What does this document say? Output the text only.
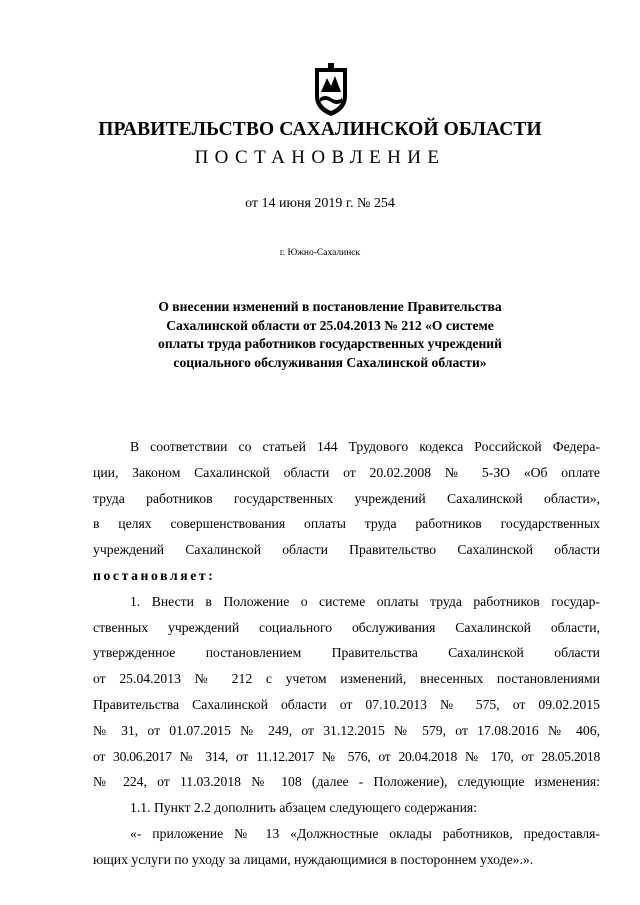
ПРАВИТЕЛЬСТВО САХАЛИНСКОЙ ОБЛАСТИ
ПОСТАНОВЛЕНИЕ
от 14 июня 2019 г. № 254
г. Южно-Сахалинск
О внесении изменений в постановление Правительства
Сахалинской области от 25.04.2013 № 212 «О системе
оплаты труда работников государственных учреждений
социального обслуживания Сахалинской области»
В соответствии со статьей 144 Трудового кодекса Российской Федера-
ции, Законом Сахалинской области от 20.02.2008 № 5-ЗО «Об оплате
труда работников государственных учреждений Сахалинской области»,
в целях совершенствования оплаты труда работников государственных
учреждений Сахалинской области Правительство Сахалинской области
постановляет:
1. Внести в Положение о системе оплаты труда работников государ-
ственных учреждений социального обслуживания Сахалинской области,
утвержденное постановлением Правительства Сахалинской области
от 25.04.2013 № 212 с учетом изменений, внесенных постановлениями
Правительства Сахалинской области от 07.10.2013 № 575, от 09.02.2015
№ 31, от 01.07.2015 № 249, от 31.12.2015 № 579, от 17.08.2016 № 406,
от 30.06.2017 № 314, от 11.12.2017 № 576, от 20.04.2018 № 170, от 28.05.2018
№ 224, от 11.03.2018 № 108 (далее - Положение), следующие изменения:
1.1. Пункт 2.2 дополнить абзацем следующего содержания:
«- приложение № 13 «Должностные оклады работников, предоставля-
ющих услуги по уходу за лицами, нуждающимися в постороннем уходе».».
